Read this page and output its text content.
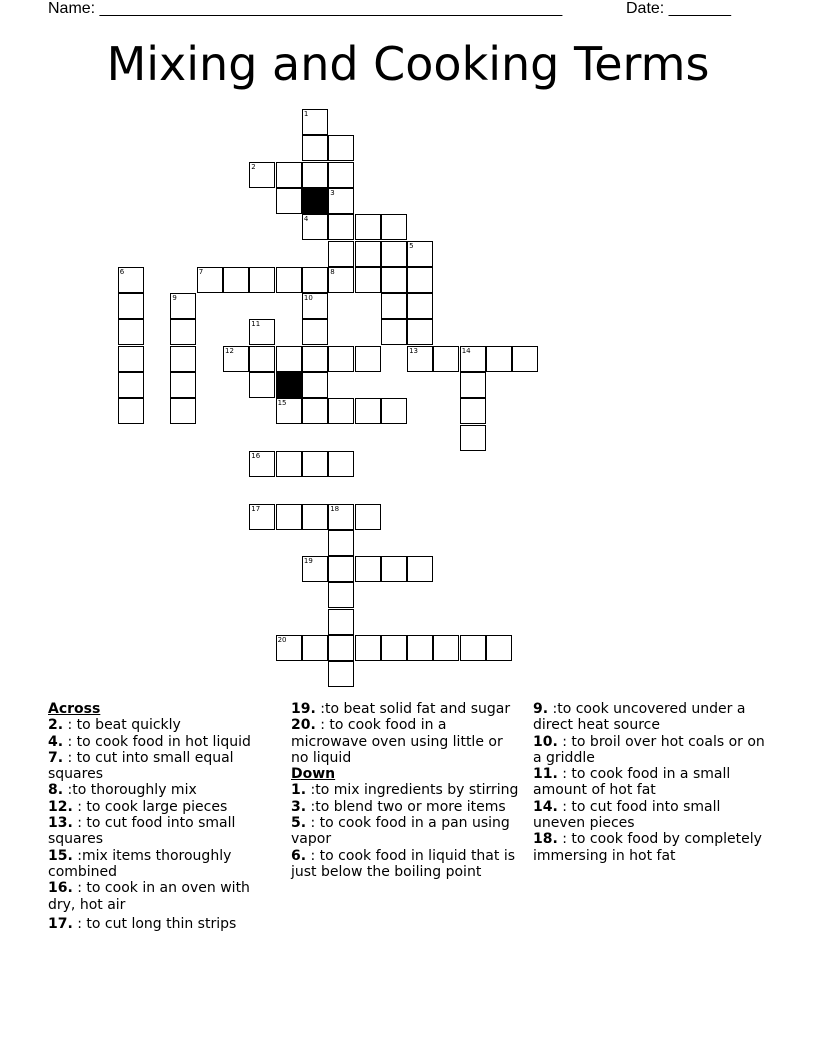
Name: ____________________________________________________	Date: _______
Mixing and Cooking Terms
1
2
3
4
5
13
6	7	8
9	10
11
12	14
15
16
17	18
19
20
Across

2. : to beat quickly

4. : to cook food in hot liquid

7. : to cut into small equal squares

8. :to thoroughly mix

12. : to cook large pieces

13. : to cut food into small squares

15. :mix items thoroughly combined

16. : to cook in an oven with dry, hot air

17. : to cut long thin strips

19. :to beat solid fat and sugar

20. : to cook food in a microwave oven using little or no liquid

Down

1. :to mix ingredients by stirring

3. :to blend two or more items

5. : to cook food in a pan using vapor

6. : to cook food in liquid that is just below the boiling point

9. :to cook uncovered under a direct heat source

10. : to broil over hot coals or on a griddle

11. : to cook food in a small amount of hot fat

14. : to cut food into small uneven pieces

18. : to cook food by completely immersing in hot fat
